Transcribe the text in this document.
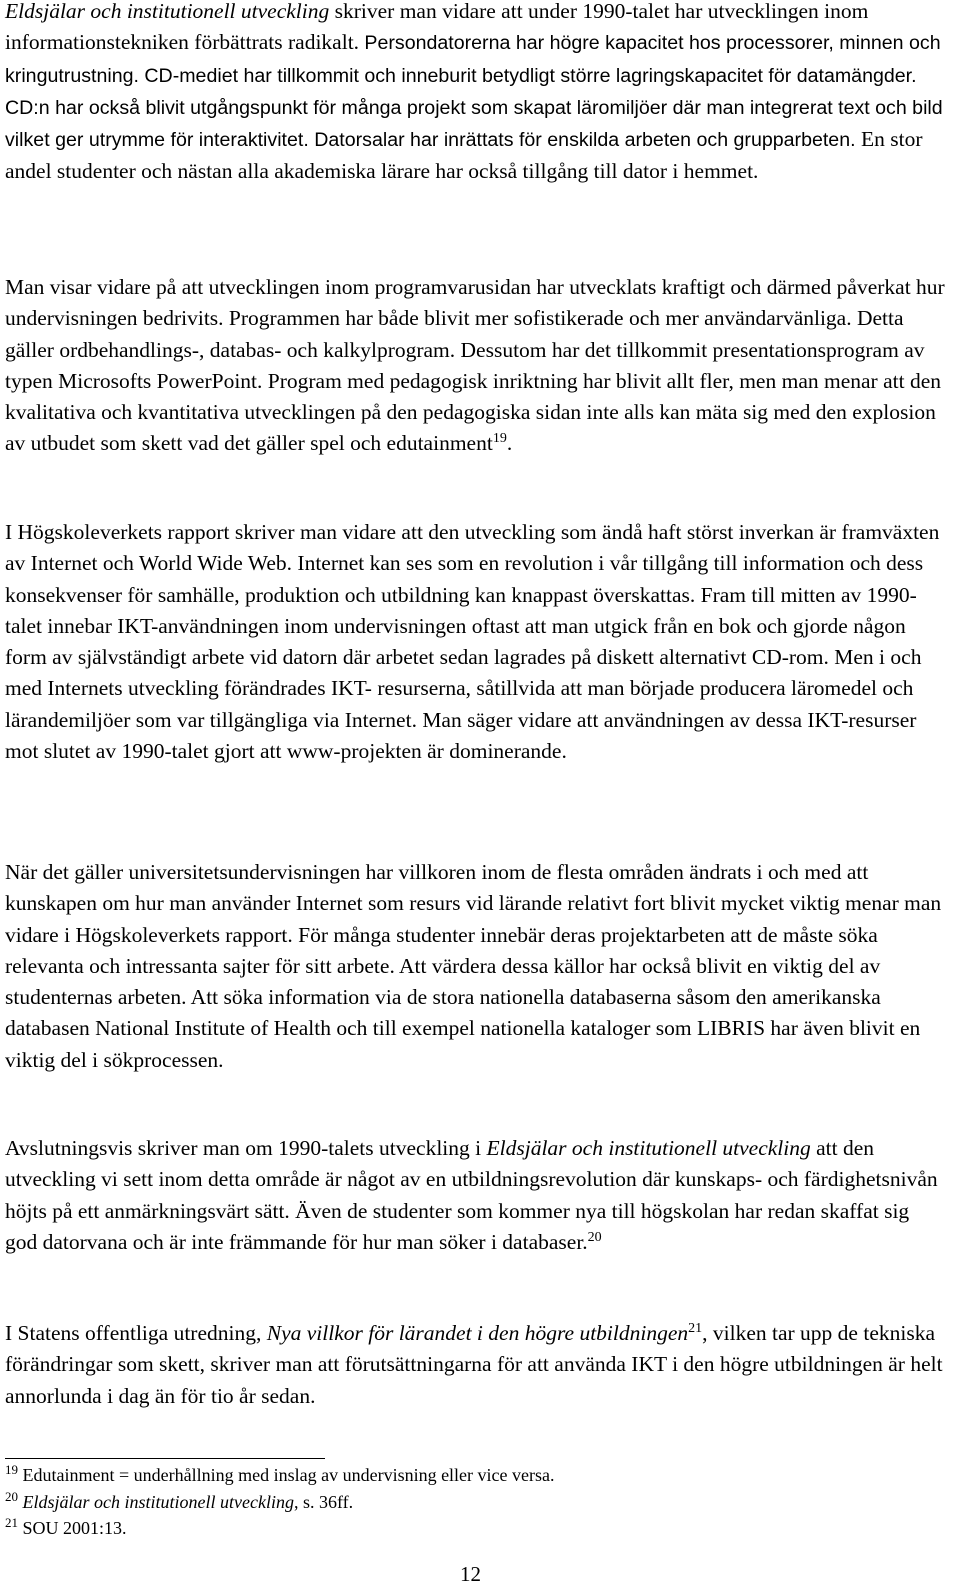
Eldsjälar och institutionell utveckling skriver man vidare att under 1990-talet har utvecklingen inom informationstekniken förbättrats radikalt. Persondatorerna har högre kapacitet hos processorer, minnen och kringutrustning. CD-mediet har tillkommit och inneburit betydligt större lagringskapacitet för datamängder. CD:n har också blivit utgångspunkt för många projekt som skapat läromiljöer där man integrerat text och bild vilket ger utrymme för interaktivitet. Datorsalar har inrättats för enskilda arbeten och grupparbeten. En stor andel studenter och nästan alla akademiska lärare har också tillgång till dator i hemmet.

Man visar vidare på att utvecklingen inom programvarusidan har utvecklats kraftigt och därmed påverkat hur undervisningen bedrivits. Programmen har både blivit mer sofistikerade och mer användarvänliga. Detta gäller ordbehandlings-, databas- och kalkylprogram. Dessutom har det tillkommit presentationsprogram av typen Microsofts PowerPoint. Program med pedagogisk inriktning har blivit allt fler, men man menar att den kvalitativa och kvantitativa utvecklingen på den pedagogiska sidan inte alls kan mäta sig med den explosion av utbudet som skett vad det gäller spel och edutainment$^{19}$.

I Högskoleverkets rapport skriver man vidare att den utveckling som ändå haft störst inverkan är framväxten av Internet och World Wide Web. Internet kan ses som en revolution i vår tillgång till information och dess konsekvenser för samhälle, produktion och utbildning kan knappast överskattas. Fram till mitten av 1990-talet innebar IKT-användningen inom undervisningen oftast att man utgick från en bok och gjorde någon form av självständigt arbete vid datorn där arbetet sedan lagrades på diskett alternativt CD-rom. Men i och med Internets utveckling förändrades IKT- resurserna, såtillvida att man började producera läromedel och lärandemiljöer som var tillgängliga via Internet. Man säger vidare att användningen av dessa IKT-resurser mot slutet av 1990-talet gjort att www-projekten är dominerande.

När det gäller universitetsundervisningen har villkoren inom de flesta områden ändrats i och med att kunskapen om hur man använder Internet som resurs vid lärande relativt fort blivit mycket viktig menar man vidare i Högskoleverkets rapport. För många studenter innebär deras projektarbeten att de måste söka relevanta och intressanta sajter för sitt arbete. Att värdera dessa källor har också blivit en viktig del av studenternas arbeten. Att söka information via de stora nationella databaserna såsom den amerikanska databasen National Institute of Health och till exempel nationella kataloger som LIBRIS har även blivit en viktig del i sökprocessen.

Avslutningsvis skriver man om 1990-talets utveckling i Eldsjälar och institutionell utveckling att den utveckling vi sett inom detta område är något av en utbildningsrevolution där kunskaps- och färdighetsnivån höjts på ett anmärkningsvärt sätt. Även de studenter som kommer nya till högskolan har redan skaffat sig god datorvana och är inte främmande för hur man söker i databaser.$^{20}$

I Statens offentliga utredning, Nya villkor för lärandet i den högre utbildningen$^{21}$, vilken tar upp de tekniska förändringar som skett, skriver man att förutsättningarna för att använda IKT i den högre utbildningen är helt annorlunda i dag än för tio år sedan.

$^{19}$ Edutainment = underhållning med inslag av undervisning eller vice versa.

$^{20}$ Eldsjälar och institutionell utveckling, s. 36ff.

$^{21}$ SOU 2001:13.

12
